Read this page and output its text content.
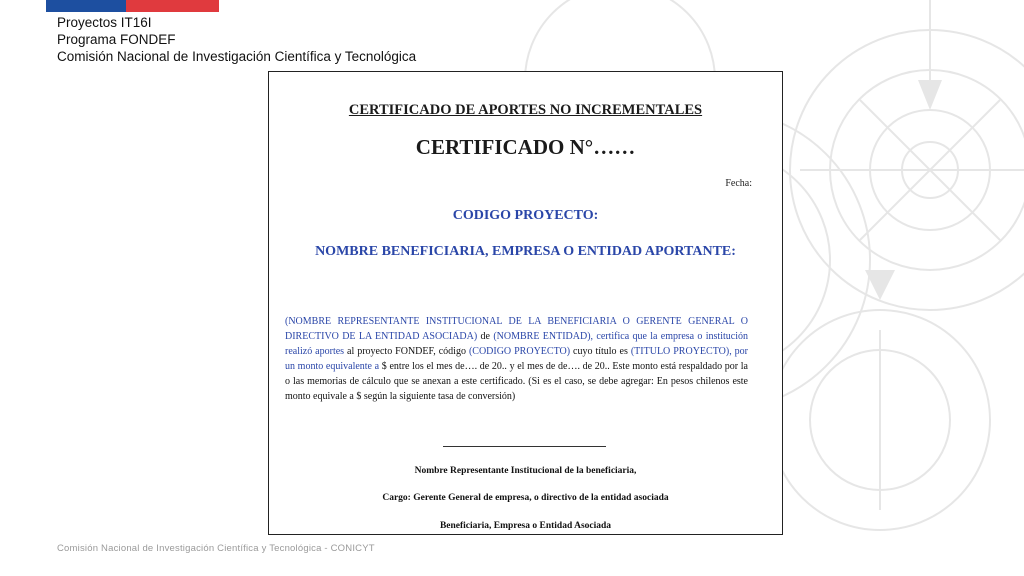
Proyectos IT16I
Programa FONDEF
Comisión Nacional de Investigación Científica y Tecnológica
CERTIFICADO DE APORTES NO INCREMENTALES
CERTIFICADO N°……
Fecha:
CODIGO PROYECTO:
NOMBRE BENEFICIARIA, EMPRESA O ENTIDAD APORTANTE:
(NOMBRE REPRESENTANTE INSTITUCIONAL DE LA BENEFICIARIA O GERENTE GENERAL O DIRECTIVO DE LA ENTIDAD ASOCIADA) de (NOMBRE ENTIDAD), certifica que la empresa o institución realizó aportes al proyecto FONDEF, código (CODIGO PROYECTO) cuyo título es (TITULO PROYECTO), por un monto equivalente a $ entre los el mes de…. de 20.. y el mes de de…. de 20.. Este monto está respaldado por la o las memorias de cálculo que se anexan a este certificado. (Si es el caso, se debe agregar: En pesos chilenos este monto equivale a $ según la siguiente tasa de conversión)
Nombre Representante Institucional de la beneficiaria,
Cargo: Gerente General de empresa, o directivo de la entidad asociada
Beneficiaria, Empresa o Entidad Asociada
Comisión Nacional de Investigación Científica y Tecnológica - CONICYT
